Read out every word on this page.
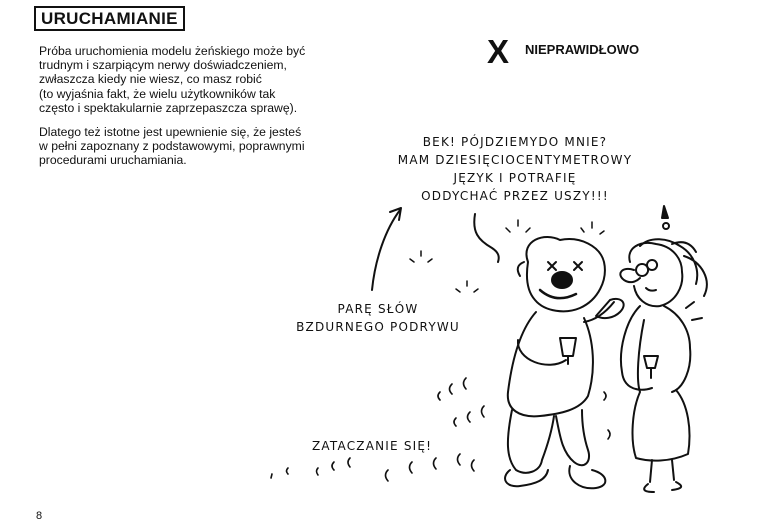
URUCHAMIANIE

Próba uruchomienia modelu żeńskiego może być
trudnym i szarpiącym nerwy doświadczeniem,
zwłaszcza kiedy nie wiesz, co masz robić
(to wyjaśnia fakt, że wielu użytkowników tak
często i spektakularnie zaprzepaszcza sprawę).

Dlatego też istotne jest upewnienie się, że jesteś
w pełni zapoznany z podstawowymi, poprawnymi
procedurami uruchamiania.

X NIEPRAWIDŁOWO
BEK! PÓJDZIEMYDO MNIE?
MAM DZIESIĘCIOCENTYMETROWY
JĘZYK I POTRAFIĘ
ODDYCHAĆ PRZEZ USZY!!!
PARĘ SŁÓW
BZDURNEGO PODRYWU
ZATACZANIE SIĘ!
8
